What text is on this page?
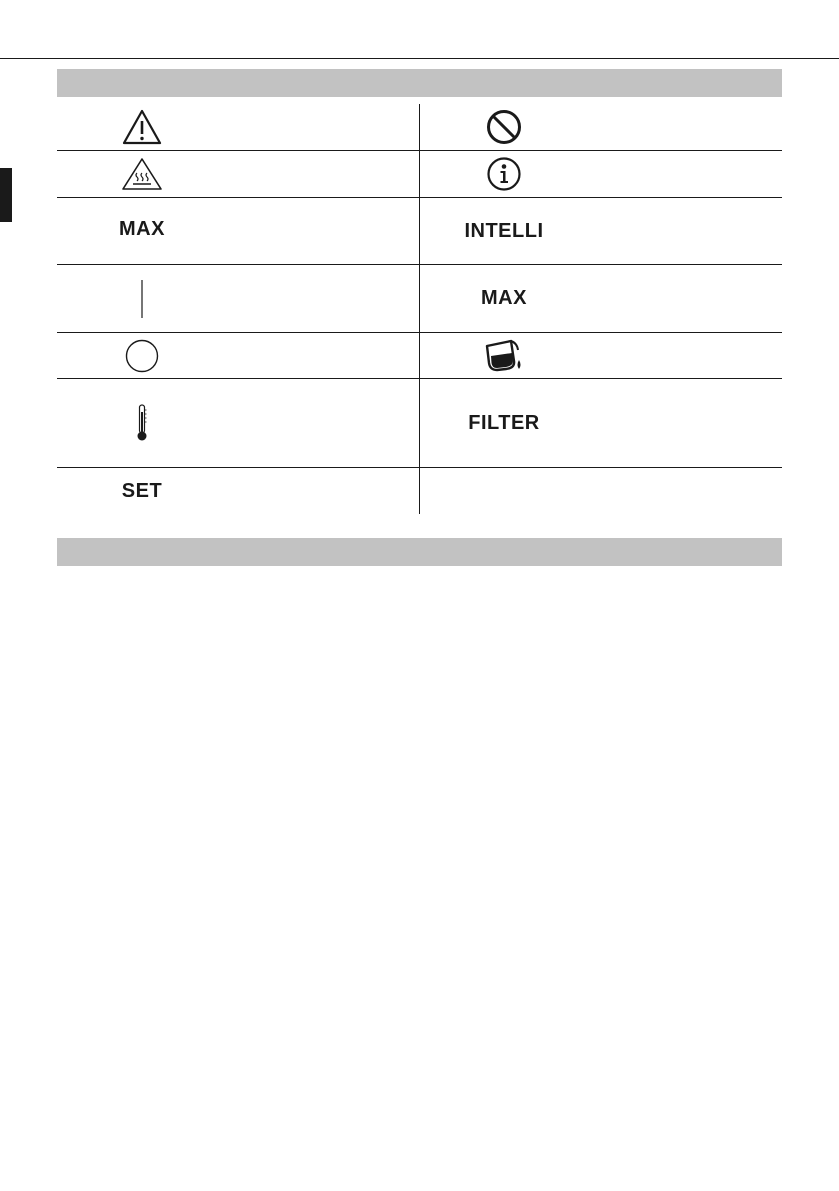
MAX	INTELLI
MAX
FILTER
SET
